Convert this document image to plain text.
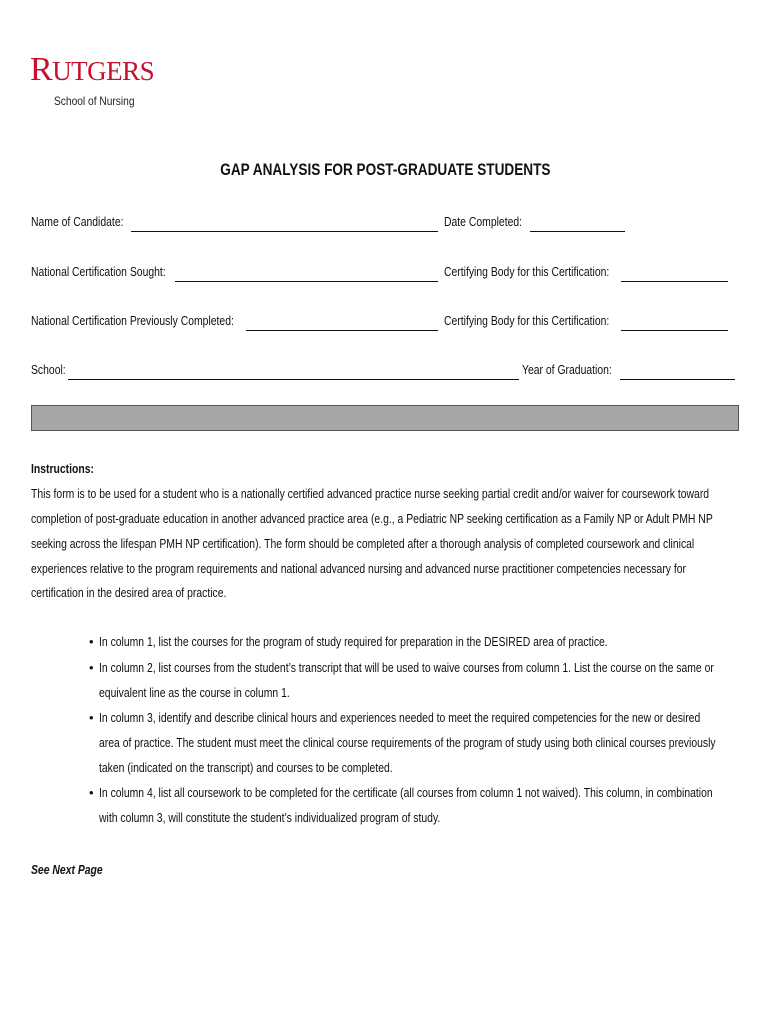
RUTGERS
School of Nursing
GAP ANALYSIS FOR POST-GRADUATE STUDENTS
Name of Candidate:	Date Completed:
National Certification Sought:	Certifying Body for this Certification:
National Certification Previously Completed:	Certifying Body for this Certification:
School:	Year of Graduation:
Instructions:
This form is to be used for a student who is a nationally certified advanced practice nurse seeking partial credit and/or waiver for coursework toward
completion of post-graduate education in another advanced practice area (e.g., a Pediatric NP seeking certification as a Family NP or Adult PMH NP
seeking across the lifespan PMH NP certification). The form should be completed after a thorough analysis of completed coursework and clinical
experiences relative to the program requirements and national advanced nursing and advanced nurse practitioner competencies necessary for
certification in the desired area of practice.
• In column 1, list the courses for the program of study required for preparation in the DESIRED area of practice.
• In column 2, list courses from the student’s transcript that will be used to waive courses from column 1. List the course on the same or
equivalent line as the course in column 1.
• In column 3, identify and describe clinical hours and experiences needed to meet the required competencies for the new or desired
area of practice. The student must meet the clinical course requirements of the program of study using both clinical courses previously
taken (indicated on the transcript) and courses to be completed.
• In column 4, list all coursework to be completed for the certificate (all courses from column 1 not waived). This column, in combination
with column 3, will constitute the student’s individualized program of study.
See Next Page
